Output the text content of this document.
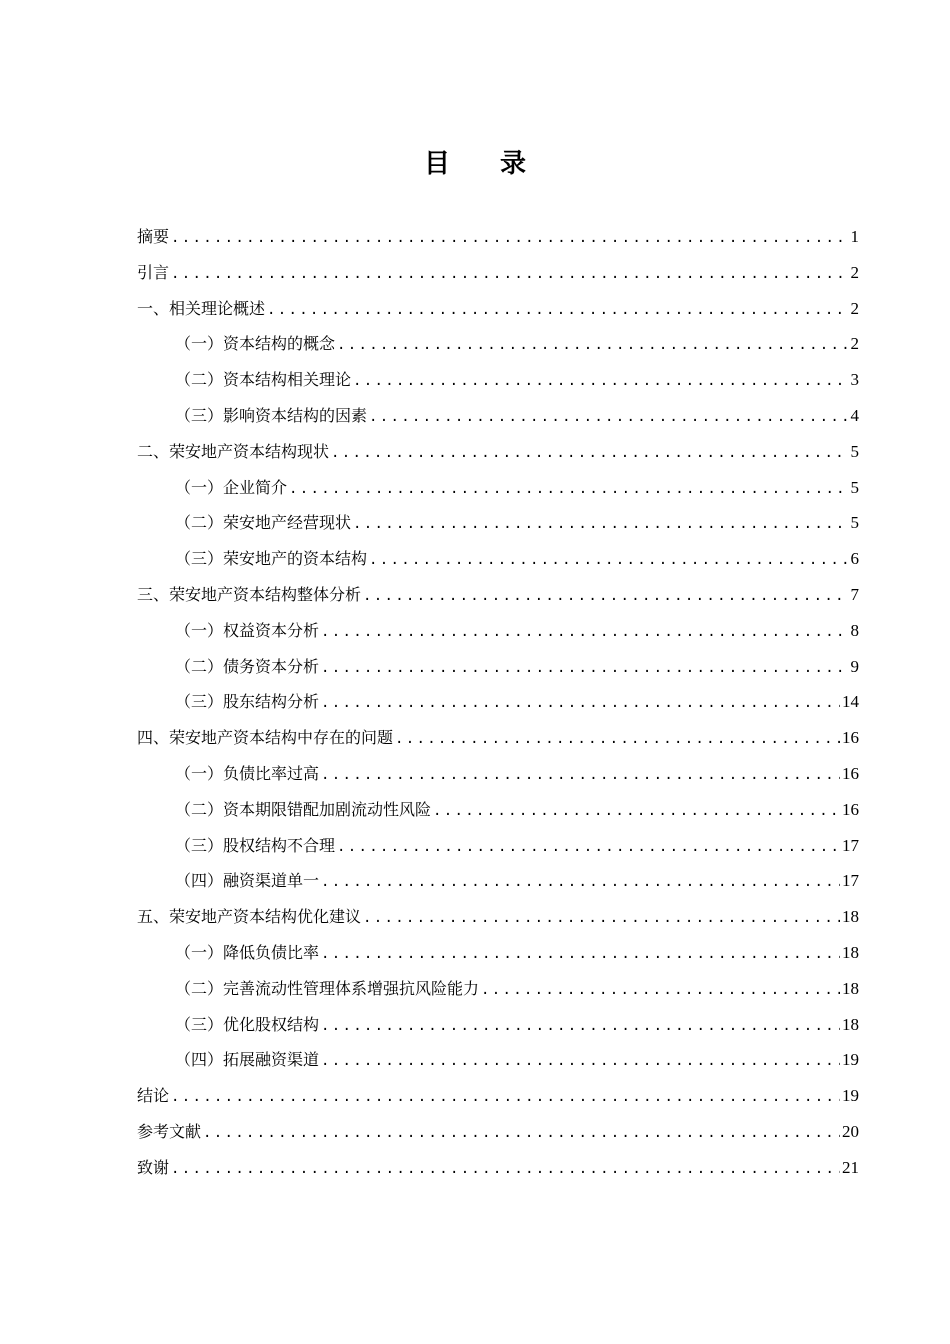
目 录
摘要 .....	1
引言 .....	2
一、相关理论概述 .....	2
（一）资本结构的概念 .....	2
（二）资本结构相关理论 .....	3
（三）影响资本结构的因素 .....	4
二、荣安地产资本结构现状 .....	5
（一）企业简介 .....	5
（二）荣安地产经营现状 .....	5
（三）荣安地产的资本结构 .....	6
三、荣安地产资本结构整体分析 .....	7
（一）权益资本分析 .....	8
（二）债务资本分析 .....	9
（三）股东结构分析 .....	14
四、荣安地产资本结构中存在的问题 .....	16
（一）负债比率过高 .....	16
（二）资本期限错配加剧流动性风险 .....	16
（三）股权结构不合理 .....	17
（四）融资渠道单一 .....	17
五、荣安地产资本结构优化建议 .....	18
（一）降低负债比率 .....	18
（二）完善流动性管理体系增强抗风险能力 .....	18
（三）优化股权结构 .....	18
（四）拓展融资渠道 .....	19
结论 .....	19
参考文献 .....	20
致谢 .....	21
